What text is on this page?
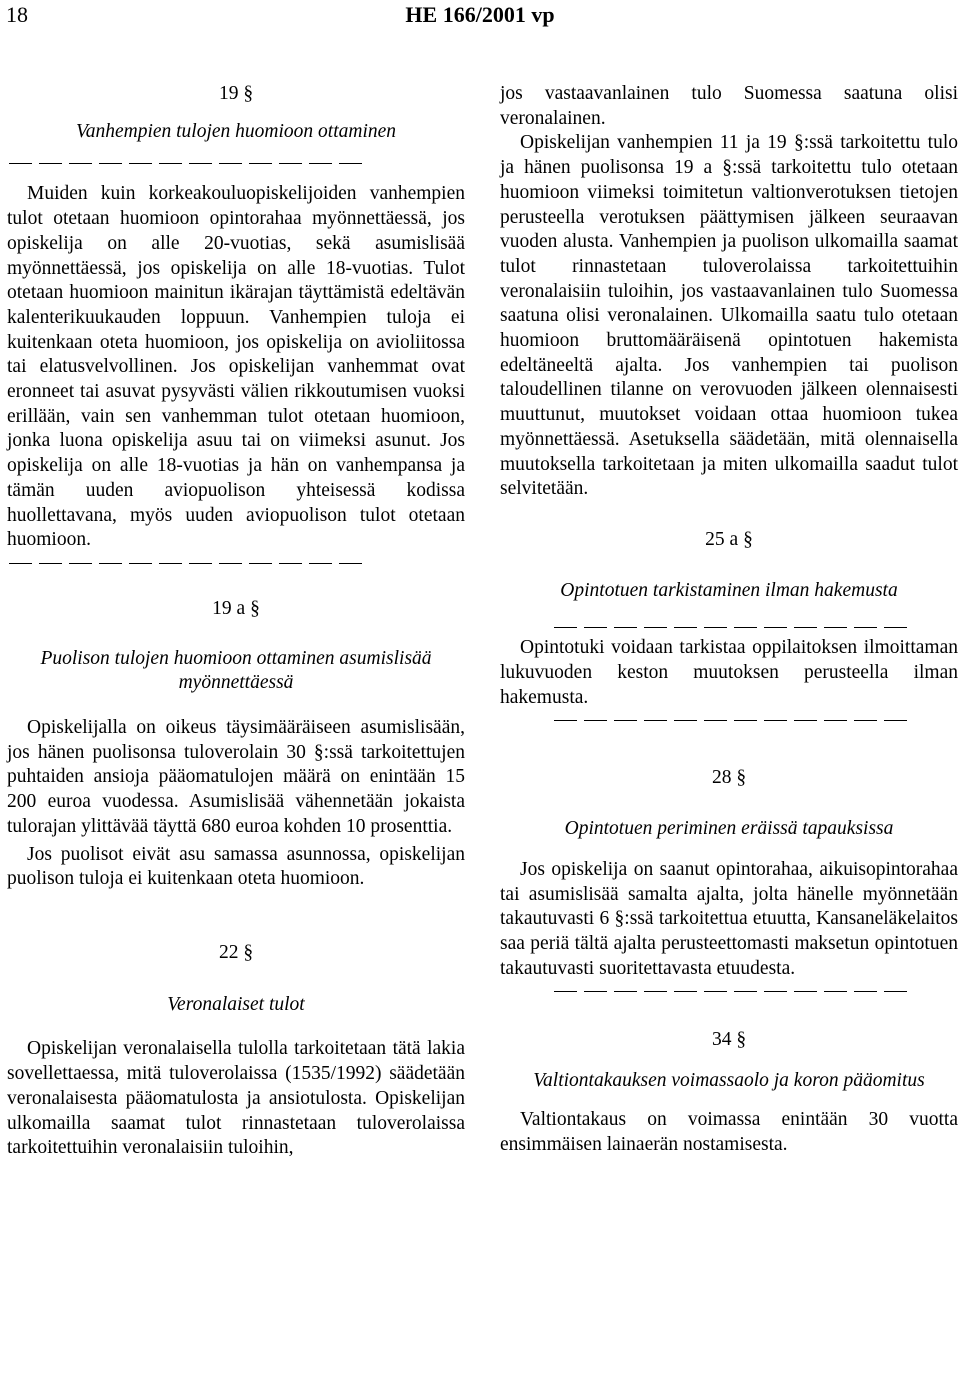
18	HE 166/2001 vp

19 §

Vanhempien tulojen huomioon ottaminen

Muiden kuin korkeakouluopiskelijoiden vanhempien tulot otetaan huomioon opintorahaa myönnettäessä, jos opiskelija on alle 20-vuotias, sekä asumislisää myönnettäessä, jos opiskelija on alle 18-vuotias. Tulot otetaan huomioon mainitun ikärajan täyttämistä edeltävän kalenterikuukauden loppuun. Vanhempien tuloja ei kuitenkaan oteta huomioon, jos opiskelija on avioliitossa tai elatusvelvollinen. Jos opiskelijan vanhemmat ovat eronneet tai asuvat pysyvästi välien rikkoutumisen vuoksi erillään, vain sen vanhemman tulot otetaan huomioon, jonka luona opiskelija asuu tai on viimeksi asunut. Jos opiskelija on alle 18-vuotias ja hän on vanhempansa ja tämän uuden aviopuolison yhteisessä kodissa huollettavana, myös uuden aviopuolison tulot otetaan huomioon.

19 a §

Puolison tulojen huomioon ottaminen asumislisää myönnettäessä

Opiskelijalla on oikeus täysimääräiseen asumislisään, jos hänen puolisonsa tuloverolain 30 §:ssä tarkoitettujen puhtaiden ansioja pääomatulojen määrä on enintään 15 200 euroa vuodessa. Asumislisää vähennetään jokaista tulorajan ylittävää täyttä 680 euroa kohden 10 prosenttia.

Jos puolisot eivät asu samassa asunnossa, opiskelijan puolison tuloja ei kuitenkaan oteta huomioon.

22 §

Veronalaiset tulot

Opiskelijan veronalaisella tulolla tarkoitetaan tätä lakia sovellettaessa, mitä tuloverolaissa (1535/1992) säädetään veronalaisesta pääomatulosta ja ansiotulosta. Opiskelijan ulkomailla saamat tulot rinnastetaan tuloverolaissa tarkoitettuihin veronalaisiin tuloihin,

jos vastaavanlainen tulo Suomessa saatuna olisi veronalainen.

Opiskelijan vanhempien 11 ja 19 §:ssä tarkoitettu tulo ja hänen puolisonsa 19 a §:ssä tarkoitettu tulo otetaan huomioon viimeksi toimitetun valtionverotuksen tietojen perusteella verotuksen päättymisen jälkeen seuraavan vuoden alusta. Vanhempien ja puolison ulkomailla saamat tulot rinnastetaan tuloverolaissa tarkoitettuihin veronalaisiin tuloihin, jos vastaavanlainen tulo Suomessa saatuna olisi veronalainen. Ulkomailla saatu tulo otetaan huomioon bruttomääräisenä opintotuen hakemista edeltäneeltä ajalta. Jos vanhempien tai puolison taloudellinen tilanne on verovuoden jälkeen olennaisesti muuttunut, muutokset voidaan ottaa huomioon tukea myönnettäessä. Asetuksella säädetään, mitä olennaisella muutoksella tarkoitetaan ja miten ulkomailla saadut tulot selvitetään.

25 a §

Opintotuen tarkistaminen ilman hakemusta

Opintotuki voidaan tarkistaa oppilaitoksen ilmoittaman lukuvuoden keston muutoksen perusteella ilman hakemusta.

28 §

Opintotuen periminen eräissä tapauksissa

Jos opiskelija on saanut opintorahaa, aikuisopintorahaa tai asumislisää samalta ajalta, jolta hänelle myönnetään takautuvasti 6 §:ssä tarkoitettua etuutta, Kansaneläkelaitos saa periä tältä ajalta perusteettomasti maksetun opintotuen takautuvasti suoritettavasta etuudesta.

34 §

Valtiontakauksen voimassaolo ja koron pääomitus

Valtiontakaus on voimassa enintään 30 vuotta ensimmäisen lainaerän nostamisesta.
